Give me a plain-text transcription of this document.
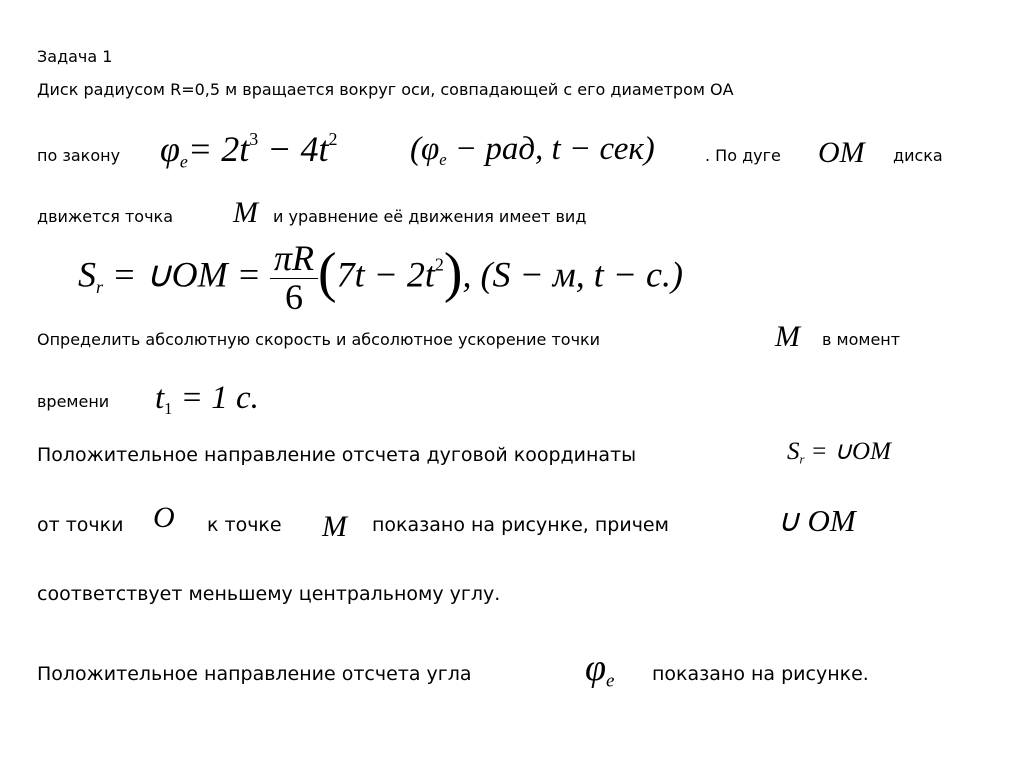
Задача 1
Диск радиусом R=0,5 м вращается вокруг оси, совпадающей с его диаметром ОА
по закону $\varphi_e= 2t^3 - 4t^2$ ($\varphi_e$ − рад, t − сек)	. По дуге OM диска
движется точка M и уравнение её движения имеет вид
$S_r$ = ∪OM = $\frac{\pi R}{6} (7t - 2t^2)$, (S − м, t − с.)
Определить абсолютную скорость и абсолютное ускорение точки	M в момент
времени $t_1 = 1$ c.
Положительное направление отсчета дуговой координаты	$S_r$ = ∪OM
от точки O к точке M показано на рисунке, причем	∪ OM
соответствует меньшему центральному углу.
Положительное направление отсчета угла	$\varphi_e$ показано на рисунке.
